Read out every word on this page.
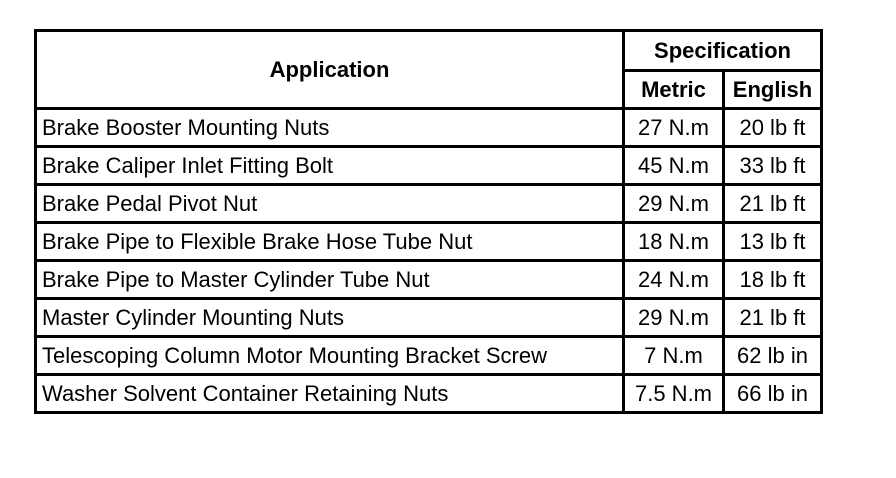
Application	Specification	
	Metric	English
Brake Booster Mounting Nuts	27 N.m	20 lb ft
Brake Caliper Inlet Fitting Bolt	45 N.m	33 lb ft
Brake Pedal Pivot Nut	29 N.m	21 lb ft
Brake Pipe to Flexible Brake Hose Tube Nut	18 N.m	13 lb ft
Brake Pipe to Master Cylinder Tube Nut	24 N.m	18 lb ft
Master Cylinder Mounting Nuts	29 N.m	21 lb ft
Telescoping Column Motor Mounting Bracket Screw	7 N.m	62 lb in
Washer Solvent Container Retaining Nuts	7.5 N.m	66 lb in
